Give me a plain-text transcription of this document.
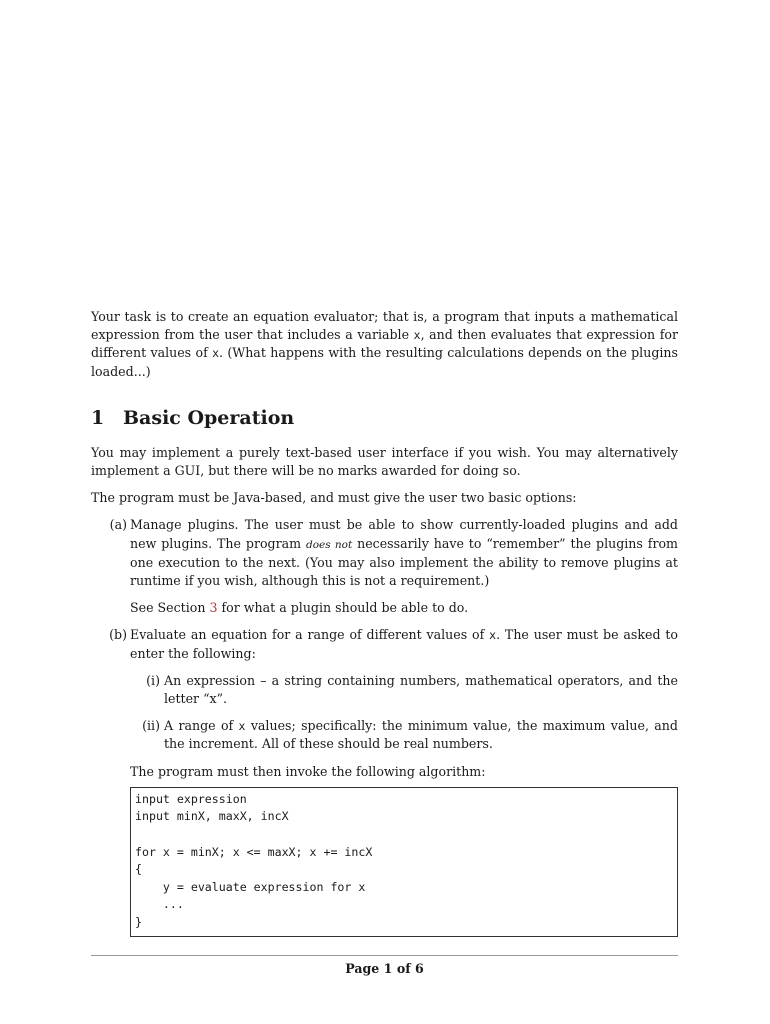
Your task is to create an equation evaluator; that is, a program that inputs a mathematical expression from the user that includes a variable x, and then evaluates that expression for different values of x. (What happens with the resulting calculations depends on the plugins loaded...)

1 Basic Operation

You may implement a purely text-based user interface if you wish. You may alternatively implement a GUI, but there will be no marks awarded for doing so.

The program must be Java-based, and must give the user two basic options:

(a) Manage plugins. The user must be able to show currently-loaded plugins and add new plugins. The program does not necessarily have to “remember” the plugins from one execution to the next. (You may also implement the ability to remove plugins at runtime if you wish, although this is not a requirement.)

See Section 3 for what a plugin should be able to do.

(b) Evaluate an equation for a range of different values of x. The user must be asked to enter the following:

(i) An expression – a string containing numbers, mathematical operators, and the letter “x”.

(ii) A range of x values; specifically: the minimum value, the maximum value, and the increment. All of these should be real numbers.

The program must then invoke the following algorithm:

input expression
input minX, maxX, incX
for x = minX; x <= maxX; x += incX
{
y = evaluate expression for x
...
}
Page 1 of 6
